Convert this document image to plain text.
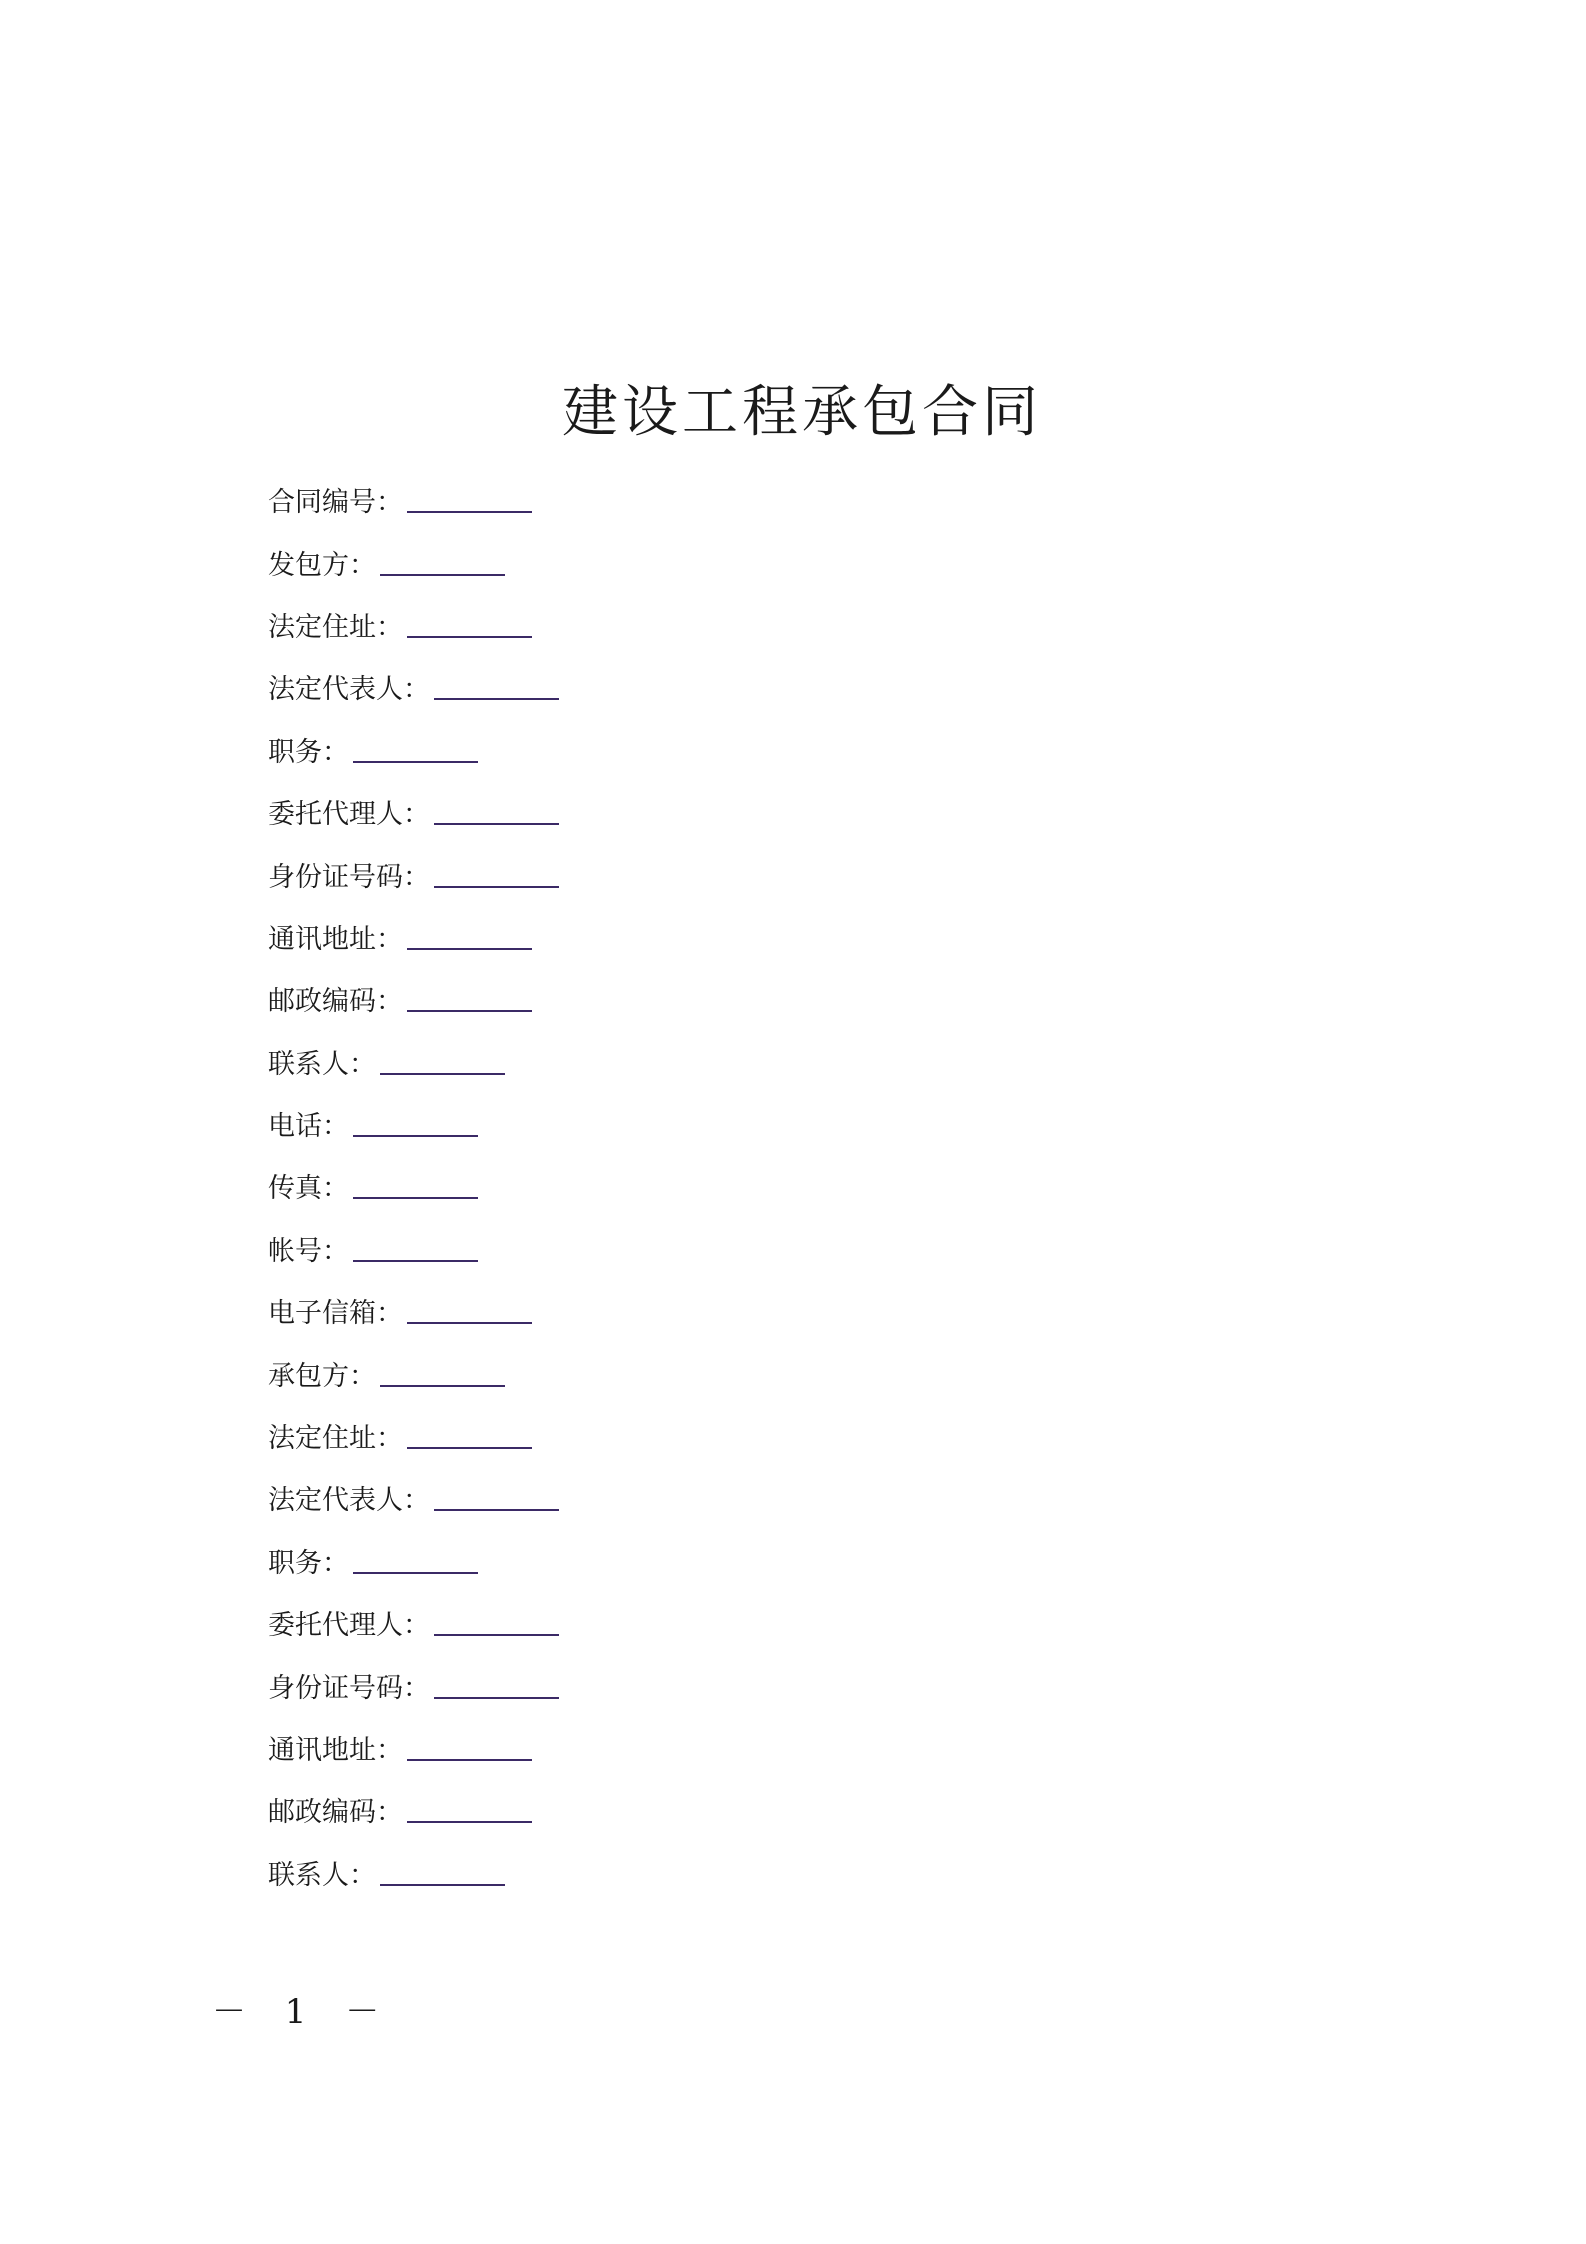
建设工程承包合同
合同编号：
发包方：
法定住址：
法定代表人：
职务：
委托代理人：
身份证号码：
通讯地址：
邮政编码：
联系人：
电话：
传真：
帐号：
电子信箱：
承包方：
法定住址：
法定代表人：
职务：
委托代理人：
身份证号码：
通讯地址：
邮政编码：
联系人：
－ 1 －
